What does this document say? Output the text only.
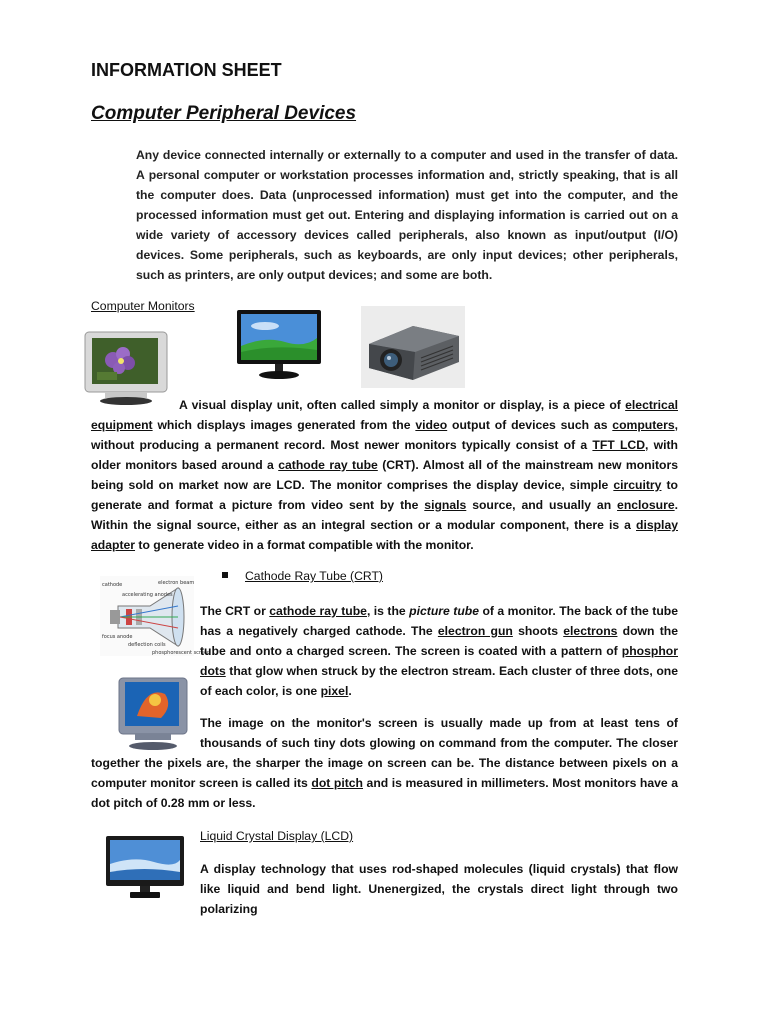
INFORMATION SHEET
Computer Peripheral Devices
Any device connected internally or externally to a computer and used in the transfer of data. A personal computer or workstation processes information and, strictly speaking, that is all the computer does. Data (unprocessed information) must get into the computer, and the processed information must get out. Entering and displaying information is carried out on a wide variety of accessory devices called peripherals, also known as input/output (I/O) devices. Some peripherals, such as keyboards, are only input devices; other peripherals, such as printers, are only output devices; and some are both.
Computer Monitors
A visual display unit, often called simply a monitor or display, is a piece of electrical equipment which displays images generated from the video output of devices such as computers, without producing a permanent record. Most newer monitors typically consist of a TFT LCD, with older monitors based around a cathode ray tube (CRT). Almost all of the mainstream new monitors being sold on market now are LCD. The monitor comprises the display device, simple circuitry to generate and format a picture from video sent by the signals source, and usually an enclosure. Within the signal source, either as an integral section or a modular component, there is a display adapter to generate video in a format compatible with the monitor.
Cathode Ray Tube (CRT)
cathode	electron beam
accelerating anodes
focus anode
deflection coils
phosphorescent screen
The CRT or cathode ray tube, is the picture tube of a monitor. The back of the tube has a negatively charged cathode. The electron gun shoots electrons down the tube and onto a charged screen. The screen is coated with a pattern of phosphor dots that glow when struck by the electron stream. Each cluster of three dots, one of each color, is one pixel.
The image on the monitor's screen is usually made up from at least tens of thousands of such tiny dots glowing on command from the computer. The closer together the pixels are, the sharper the image on screen can be. The distance between pixels on a computer monitor screen is called its dot pitch and is measured in millimeters. Most monitors have a dot pitch of 0.28 mm or less.
Liquid Crystal Display (LCD)
A display technology that uses rod-shaped molecules (liquid crystals) that flow like liquid and bend light. Unenergized, the crystals direct light through two polarizing
